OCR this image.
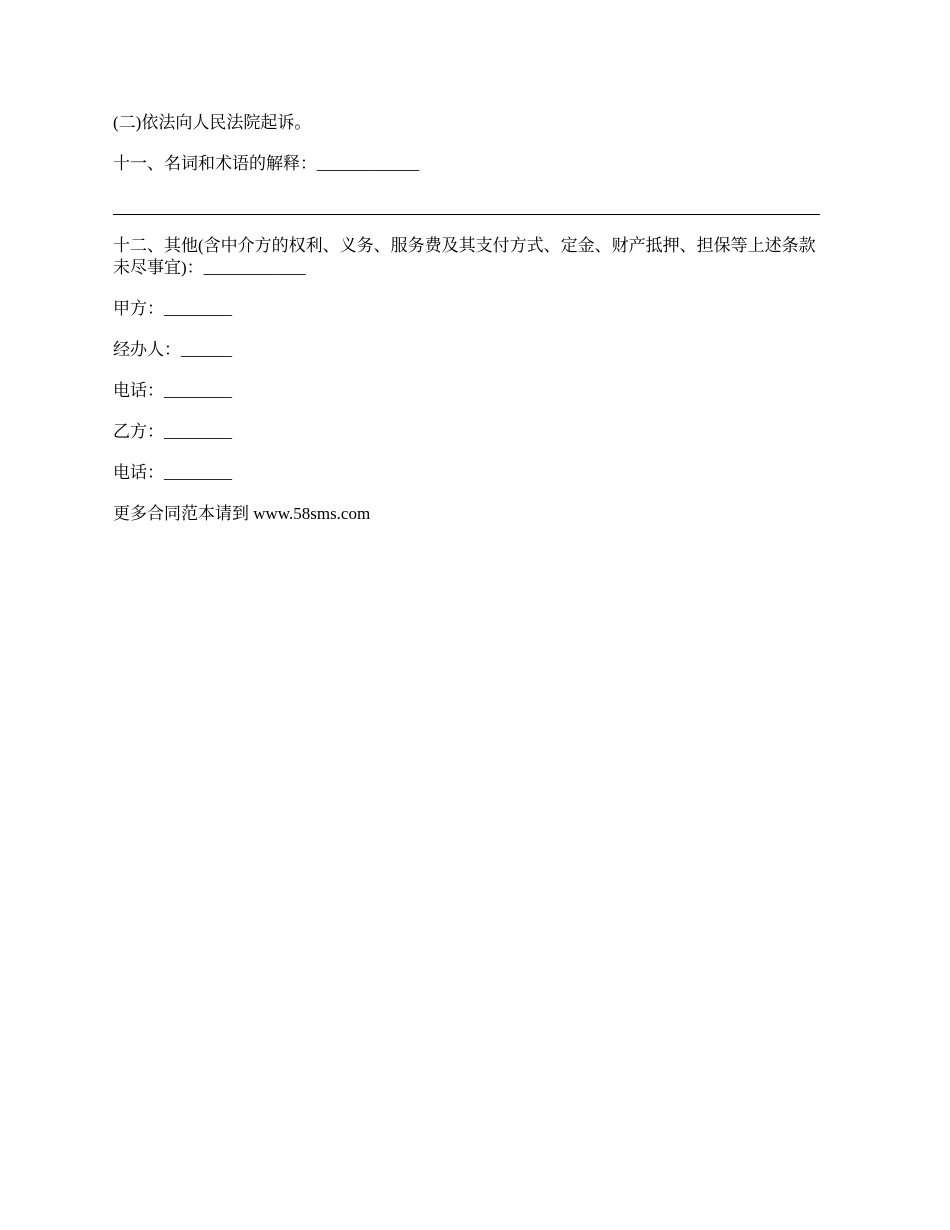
(二)依法向人民法院起诉。

十一、名词和术语的解释：____________

十二、其他(含中介方的权利、义务、服务费及其支付方式、定金、财产抵押、担保等上述条款未尽事宜)：____________

甲方：________

经办人：______

电话：________

乙方：________

电话：________

更多合同范本请到 www.58sms.com
